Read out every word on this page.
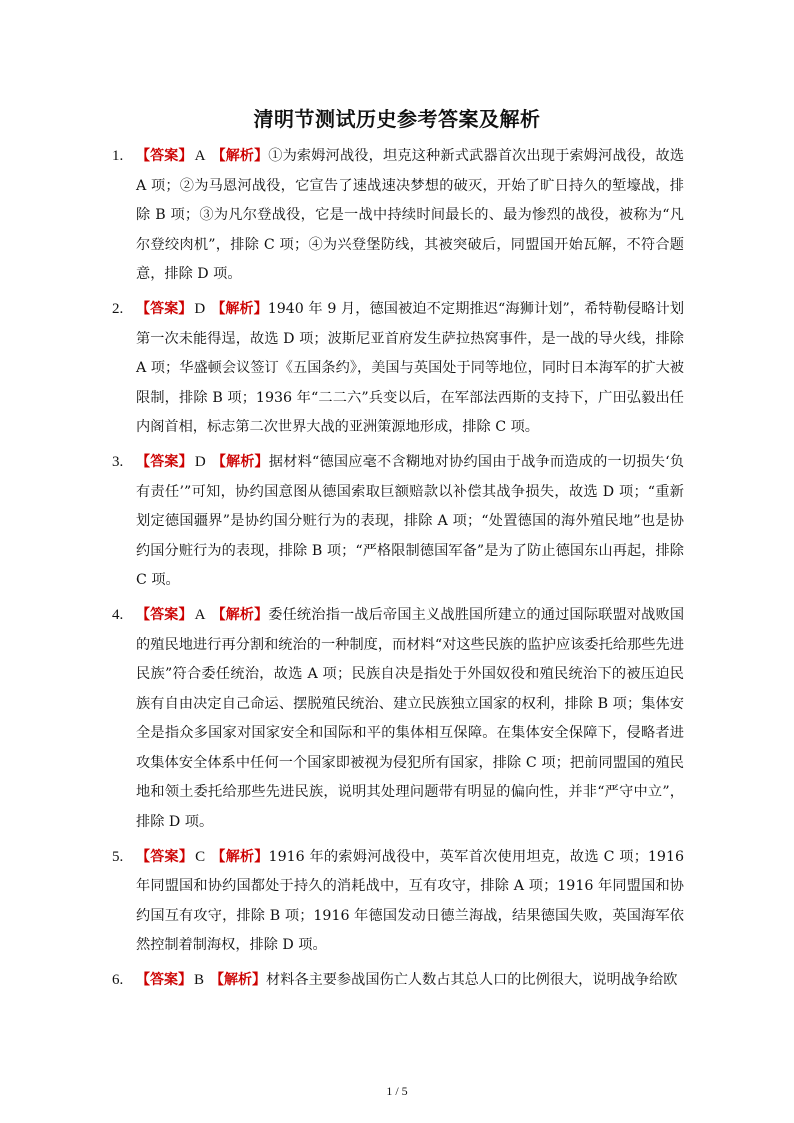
清明节测试历史参考答案及解析
1. 【答案】 A 【解析】①为索姆河战役，坦克这种新式武器首次出现于索姆河战役，故选 A 项；②为马恩河战役，它宣告了速战速决梦想的破灭，开始了旷日持久的堑壕战，排除 B 项；③为凡尔登战役，它是一战中持续时间最长的、最为惨烈的战役，被称为“凡尔登绞肉机”，排除 C 项；④为兴登堡防线，其被突破后，同盟国开始瓦解，不符合题意，排除 D 项。
2. 【答案】 D 【解析】1940 年 9 月，德国被迫不定期推迟“海狮计划”，希特勒侵略计划第一次未能得逞，故选 D 项；波斯尼亚首府发生萨拉热窝事件，是一战的导火线，排除 A 项；华盛顿会议签订《五国条约》，美国与英国处于同等地位，同时日本海军的扩大被限制，排除 B 项；1936 年“二二六”兵变以后，在军部法西斯的支持下，广田弘毅出任内阁首相，标志第二次世界大战的亚洲策源地形成，排除 C 项。
3. 【答案】 D 【解析】据材料“德国应毫不含糊地对协约国由于战争而造成的一切损失‘负有责任’”可知，协约国意图从德国索取巨额赔款以补偿其战争损失，故选 D 项；“重新划定德国疆界”是协约国分赃行为的表现，排除 A 项；“处置德国的海外殖民地”也是协约国分赃行为的表现，排除 B 项；“严格限制德国军备”是为了防止德国东山再起，排除 C 项。
4. 【答案】 A 【解析】委任统治指一战后帝国主义战胜国所建立的通过国际联盟对战败国的殖民地进行再分割和统治的一种制度，而材料“对这些民族的监护应该委托给那些先进民族”符合委任统治，故选 A 项；民族自决是指处于外国奴役和殖民统治下的被压迫民族有自由决定自己命运、摆脱殖民统治、建立民族独立国家的权利，排除 B 项；集体安全是指众多国家对国家安全和国际和平的集体相互保障。在集体安全保障下，侵略者进攻集体安全体系中任何一个国家即被视为侵犯所有国家，排除 C 项；把前同盟国的殖民地和领土委托给那些先进民族，说明其处理问题带有明显的偏向性，并非“严守中立”，排除 D 项。
5. 【答案】 C 【解析】1916 年的索姆河战役中，英军首次使用坦克，故选 C 项；1916 年同盟国和协约国都处于持久的消耗战中，互有攻守，排除 A 项；1916 年同盟国和协约国互有攻守，排除 B 项；1916 年德国发动日德兰海战，结果德国失败，英国海军依然控制着制海权，排除 D 项。
6. 【答案】 B 【解析】材料各主要参战国伤亡人数占其总人口的比例很大，说明战争给欧
1 / 5
